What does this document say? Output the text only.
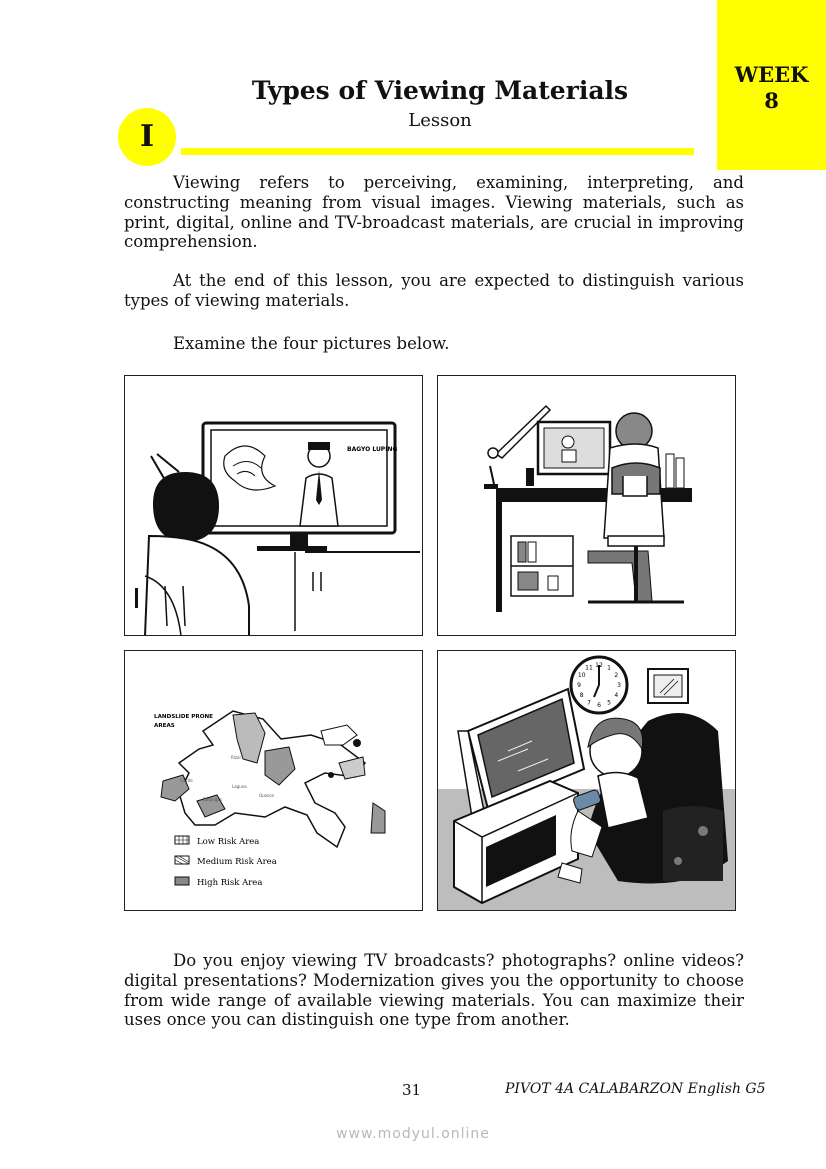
WEEK
8
Types of Viewing Materials
Lesson
I

Viewing refers to perceiving, examining, interpreting, and constructing meaning from visual images. Viewing materials, such as print, digital, online and TV-broadcast materials, are crucial in improving comprehension.

At the end of this lesson, you are expected to distinguish various types of viewing materials.

Examine the four pictures below.

BAGYO LUPING
LANDSLIDE PRONE
AREAS
Rizal
Cavite
Laguna
Quezon
Batangas
Low Risk Area
Medium Risk Area
High Risk Area
12 1
2
3
4
5
6
7
8
9
10
11

Do you enjoy viewing TV broadcasts? photographs? online videos? digital presentations? Modernization gives you the opportunity to choose from wide range of available viewing materials. You can maximize their uses once you can distinguish one type from another.

31	PIVOT 4A CALABARZON English G5
www.modyul.online
